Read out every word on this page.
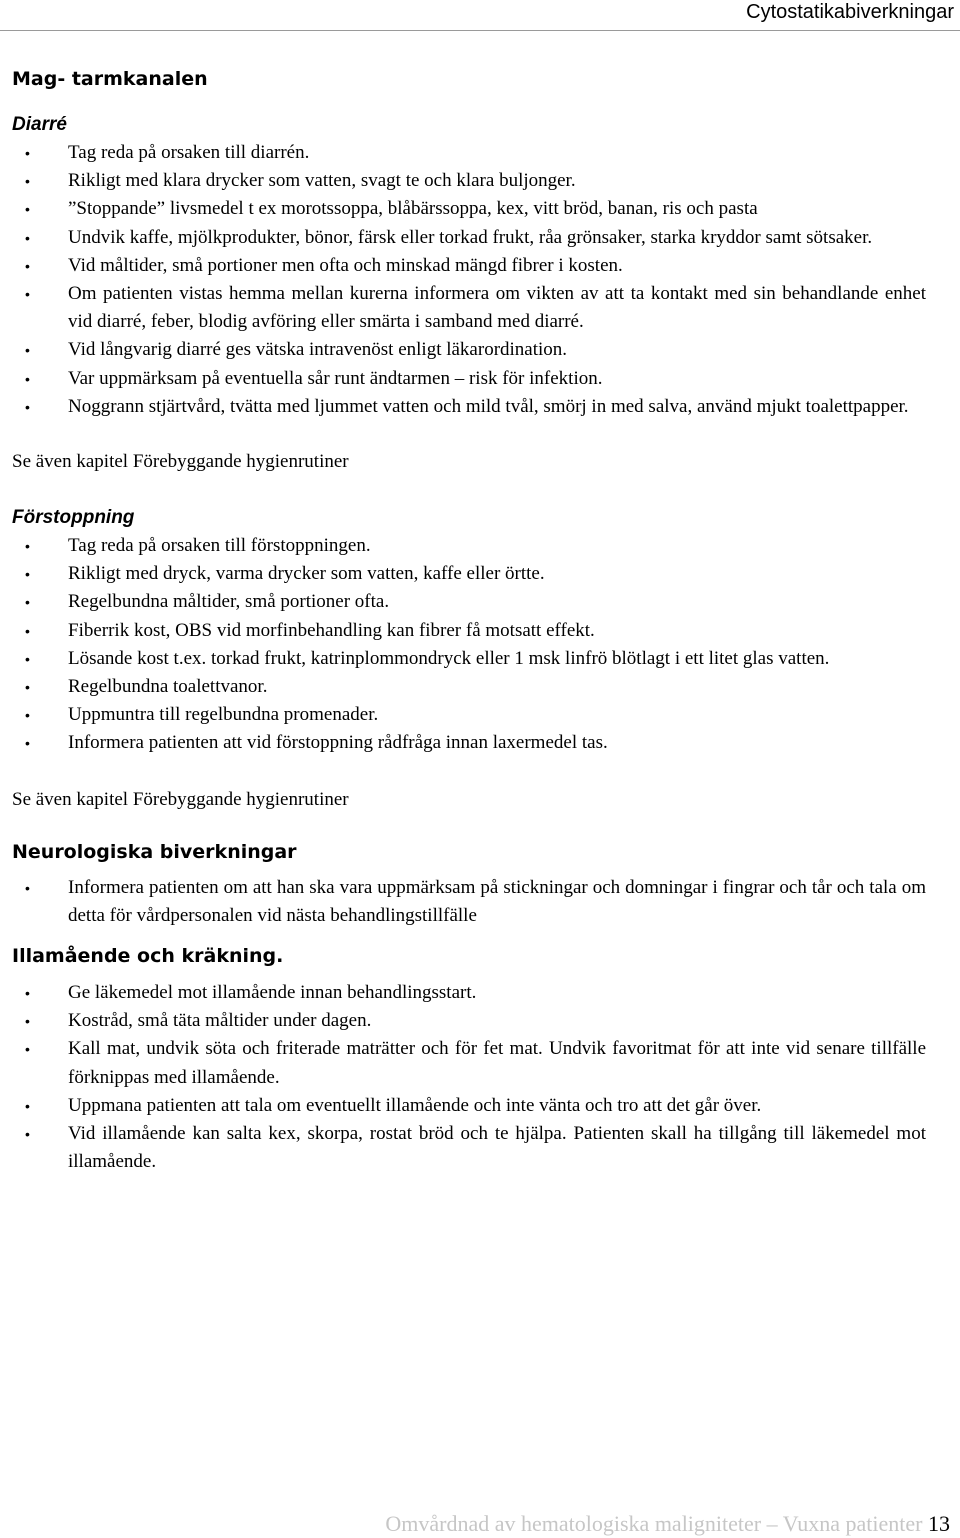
Cytostatikabiverkningar
Mag- tarmkanalen
Diarré
• Tag reda på orsaken till diarrén.
• Rikligt med klara drycker som vatten, svagt te och klara buljonger.
• ”Stoppande” livsmedel t ex morotssoppa, blåbärssoppa, kex, vitt bröd, banan, ris och pasta
• Undvik kaffe, mjölkprodukter, bönor, färsk eller torkad frukt, råa grönsaker, starka kryddor samt sötsaker.
• Vid måltider, små portioner men ofta och minskad mängd fibrer i kosten.
• Om patienten vistas hemma mellan kurerna informera om vikten av att ta kontakt med sin behandlande enhet vid diarré, feber, blodig avföring eller smärta i samband med diarré.
• Vid långvarig diarré ges vätska intravenöst enligt läkarordination.
• Var uppmärksam på eventuella sår runt ändtarmen – risk för infektion.
• Noggrann stjärtvård, tvätta med ljummet vatten och mild tvål, smörj in med salva, använd mjukt toalettpapper.

Se även kapitel Förebyggande hygienrutiner

Förstoppning
• Tag reda på orsaken till förstoppningen.
• Rikligt med dryck, varma drycker som vatten, kaffe eller örtte.
• Regelbundna måltider, små portioner ofta.
• Fiberrik kost, OBS vid morfinbehandling kan fibrer få motsatt effekt.
• Lösande kost t.ex. torkad frukt, katrinplommondryck eller 1 msk linfrö blötlagt i ett litet glas vatten.
• Regelbundna toalettvanor.
• Uppmuntra till regelbundna promenader.
• Informera patienten att vid förstoppning rådfråga innan laxermedel tas.

Se även kapitel Förebyggande hygienrutiner

Neurologiska biverkningar
• Informera patienten om att han ska vara uppmärksam på stickningar och domningar i fingrar och tår och tala om detta för vårdpersonalen vid nästa behandlingstillfälle
Illamående och kräkning.
• Ge läkemedel mot illamående innan behandlingsstart.
• Kostråd, små täta måltider under dagen.
• Kall mat, undvik söta och friterade maträtter och för fet mat. Undvik favoritmat för att inte vid senare tillfälle förknippas med illamående.
• Uppmana patienten att tala om eventuellt illamående och inte vänta och tro att det går över.
• Vid illamående kan salta kex, skorpa, rostat bröd och te hjälpa. Patienten skall ha tillgång till läkemedel mot illamående.
Omvårdnad av hematologiska maligniteter – Vuxna patienter 13
